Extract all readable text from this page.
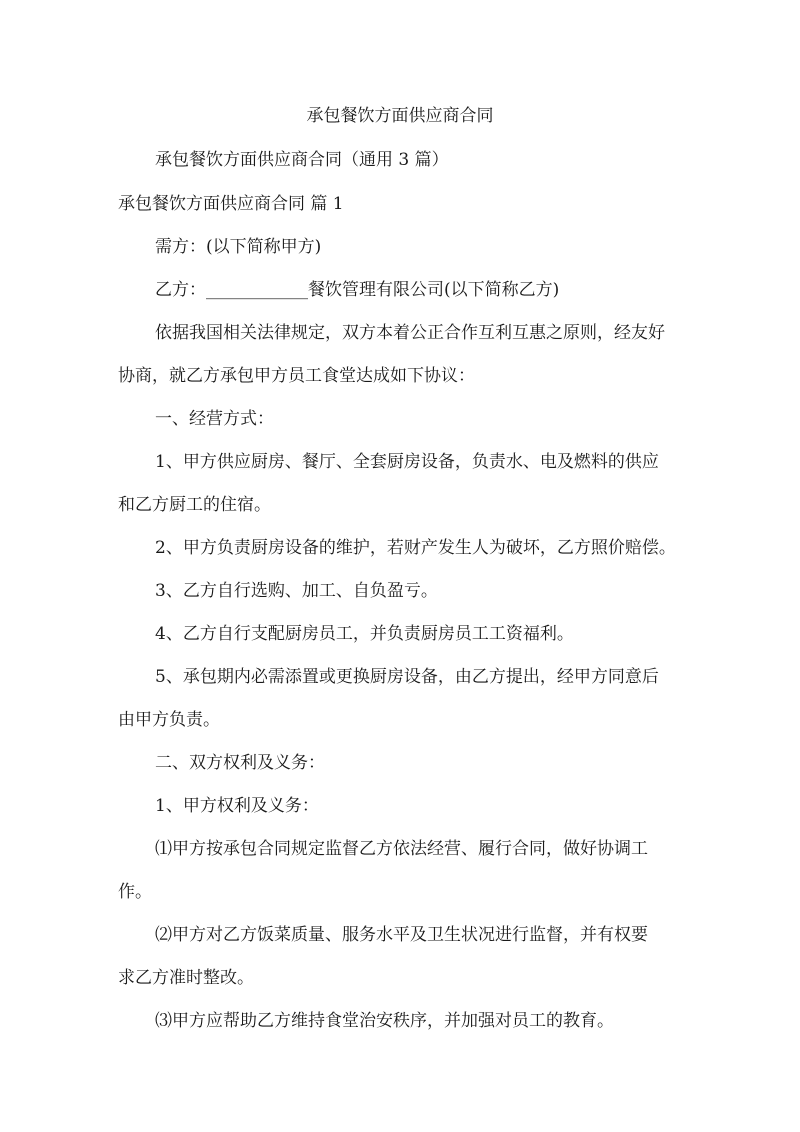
承包餐饮方面供应商合同
承包餐饮方面供应商合同（通用 3 篇）
承包餐饮方面供应商合同 篇 1
需方：(以下简称甲方)
乙方：____________餐饮管理有限公司(以下简称乙方)
依据我国相关法律规定，双方本着公正合作互利互惠之原则，经友好
协商，就乙方承包甲方员工食堂达成如下协议：
一、经营方式：
1、甲方供应厨房、餐厅、全套厨房设备，负责水、电及燃料的供应
和乙方厨工的住宿。
2、甲方负责厨房设备的维护，若财产发生人为破坏，乙方照价赔偿。
3、乙方自行选购、加工、自负盈亏。
4、乙方自行支配厨房员工，并负责厨房员工工资福利。
5、承包期内必需添置或更换厨房设备，由乙方提出，经甲方同意后
由甲方负责。
二、双方权利及义务：
1、甲方权利及义务：
⑴甲方按承包合同规定监督乙方依法经营、履行合同，做好协调工
作。
⑵甲方对乙方饭菜质量、服务水平及卫生状况进行监督，并有权要
求乙方准时整改。
⑶甲方应帮助乙方维持食堂治安秩序，并加强对员工的教育。
